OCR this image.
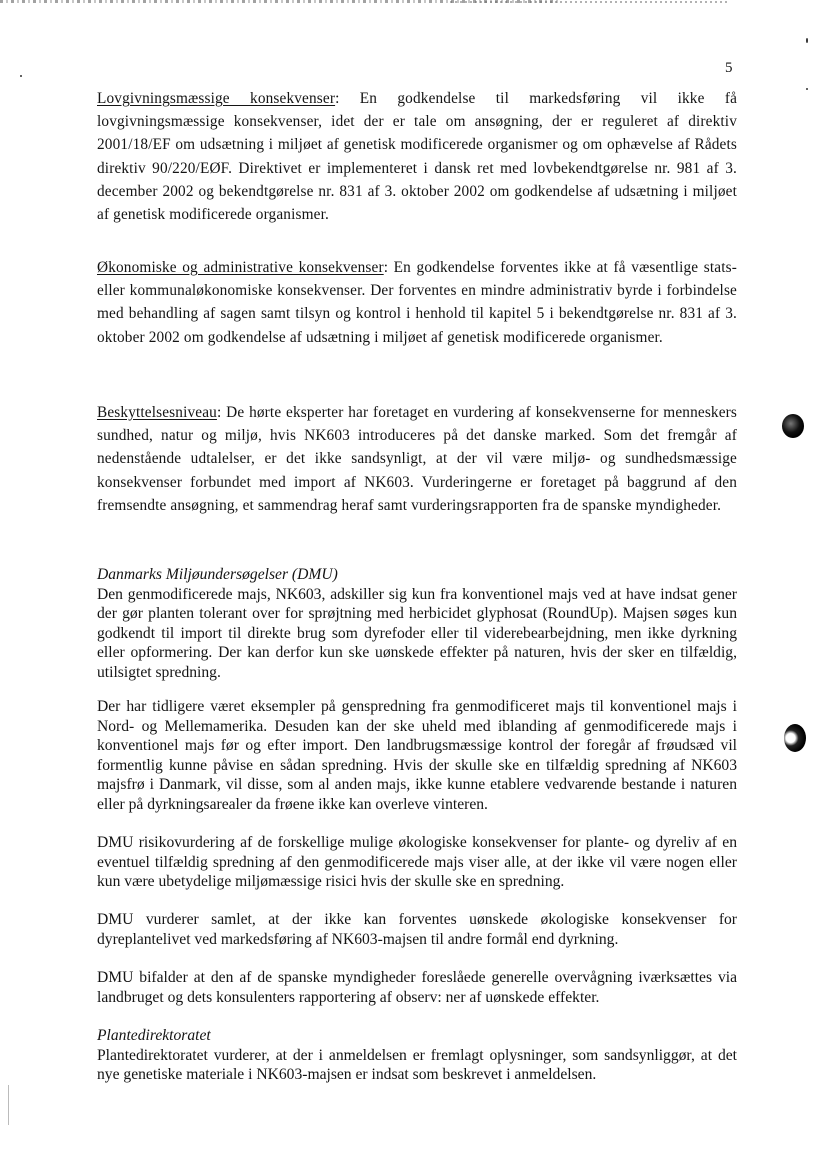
5

Lovgivningsmæssige konsekvenser: En godkendelse til markedsføring vil ikke få lovgivningsmæssige konsekvenser, idet der er tale om ansøgning, der er reguleret af direktiv 2001/18/EF om udsætning i miljøet af genetisk modificerede organismer og om ophævelse af Rådets direktiv 90/220/EØF. Direktivet er implementeret i dansk ret med lovbekendtgørelse nr. 981 af 3. december 2002 og bekendtgørelse nr. 831 af 3. oktober 2002 om godkendelse af udsætning i miljøet af genetisk modificerede organismer.

Økonomiske og administrative konsekvenser: En godkendelse forventes ikke at få væsentlige stats- eller kommunaløkonomiske konsekvenser. Der forventes en mindre administrativ byrde i forbindelse med behandling af sagen samt tilsyn og kontrol i henhold til kapitel 5 i bekendtgørelse nr. 831 af 3. oktober 2002 om godkendelse af udsætning i miljøet af genetisk modificerede organismer.

Beskyttelsesniveau: De hørte eksperter har foretaget en vurdering af konsekvenserne for menneskers sundhed, natur og miljø, hvis NK603 introduceres på det danske marked. Som det fremgår af nedenstående udtalelser, er det ikke sandsynligt, at der vil være miljø- og sundhedsmæssige konsekvenser forbundet med import af NK603. Vurderingerne er foretaget på baggrund af den fremsendte ansøgning, et sammendrag heraf samt vurderingsrapporten fra de spanske myndigheder.

Danmarks Miljøundersøgelser (DMU)

Den genmodificerede majs, NK603, adskiller sig kun fra konventionel majs ved at have indsat gener der gør planten tolerant over for sprøjtning med herbicidet glyphosat (RoundUp). Majsen søges kun godkendt til import til direkte brug som dyrefoder eller til viderebearbejdning, men ikke dyrkning eller opformering. Der kan derfor kun ske uønskede effekter på naturen, hvis der sker en tilfældig, utilsigtet spredning.

Der har tidligere været eksempler på genspredning fra genmodificeret majs til konventionel majs i Nord- og Mellemamerika. Desuden kan der ske uheld med iblanding af genmodificerede majs i konventionel majs før og efter import. Den landbrugsmæssige kontrol der foregår af frøudsæd vil formentlig kunne påvise en sådan spredning. Hvis der skulle ske en tilfældig spredning af NK603 majsfrø i Danmark, vil disse, som al anden majs, ikke kunne etablere vedvarende bestande i naturen eller på dyrkningsarealer da frøene ikke kan overleve vinteren.

DMU risikovurdering af de forskellige mulige økologiske konsekvenser for plante- og dyreliv af en eventuel tilfældig spredning af den genmodificerede majs viser alle, at der ikke vil være nogen eller kun være ubetydelige miljømæssige risici hvis der skulle ske en spredning.

DMU vurderer samlet, at der ikke kan forventes uønskede økologiske konsekvenser for dyreplantelivet ved markedsføring af NK603-majsen til andre formål end dyrkning.

DMU bifalder at den af de spanske myndigheder foreslåede generelle overvågning iværksættes via landbruget og dets konsulenters rapportering af observ: ner af uønskede effekter.

Plantedirektoratet

Plantedirektoratet vurderer, at der i anmeldelsen er fremlagt oplysninger, som sandsynliggør, at det nye genetiske materiale i NK603-majsen er indsat som beskrevet i anmeldelsen.
